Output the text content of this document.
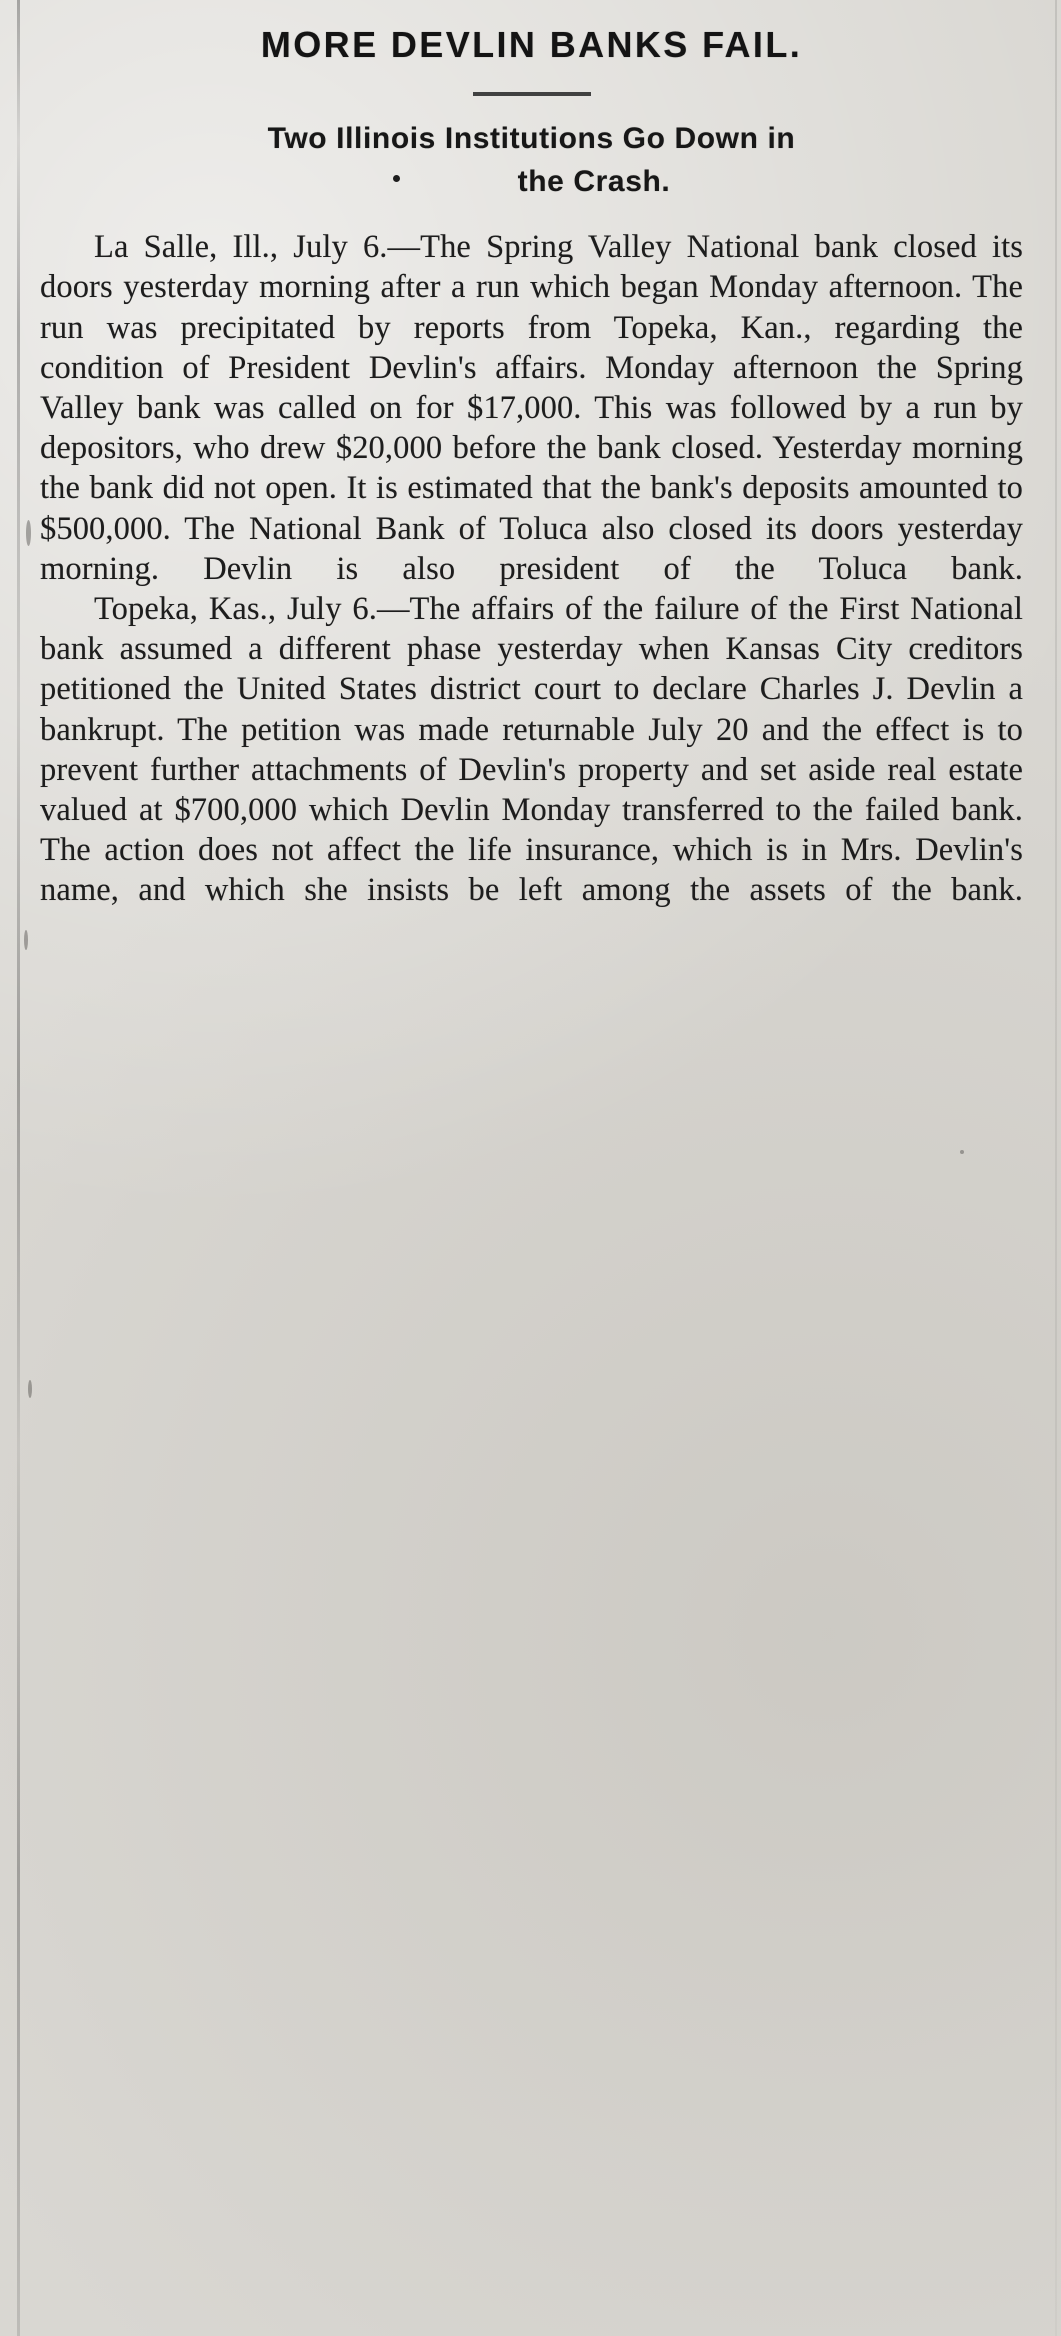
MORE DEVLIN BANKS FAIL.
Two Illinois Institutions Go Down in
the Crash.

La Salle, Ill., July 6.—The Spring Valley National bank closed its doors yesterday morning after a run which began Monday afternoon. The run was precipitated by reports from Topeka, Kan., regarding the condition of President Devlin's affairs. Monday afternoon the Spring Valley bank was called on for $17,000. This was followed by a run by depositors, who drew $20,000 before the bank closed. Yesterday morning the bank did not open. It is estimated that the bank's deposits amounted to $500,000. The National Bank of Toluca also closed its doors yesterday morning. Devlin is also president of the Toluca bank.

Topeka, Kas., July 6.—The affairs of the failure of the First National bank assumed a different phase yesterday when Kansas City creditors petitioned the United States district court to declare Charles J. Devlin a bankrupt. The petition was made returnable July 20 and the effect is to prevent further attachments of Devlin's property and set aside real estate valued at $700,000 which Devlin Monday transferred to the failed bank. The action does not affect the life insurance, which is in Mrs. Devlin's name, and which she insists be left among the assets of the bank.
